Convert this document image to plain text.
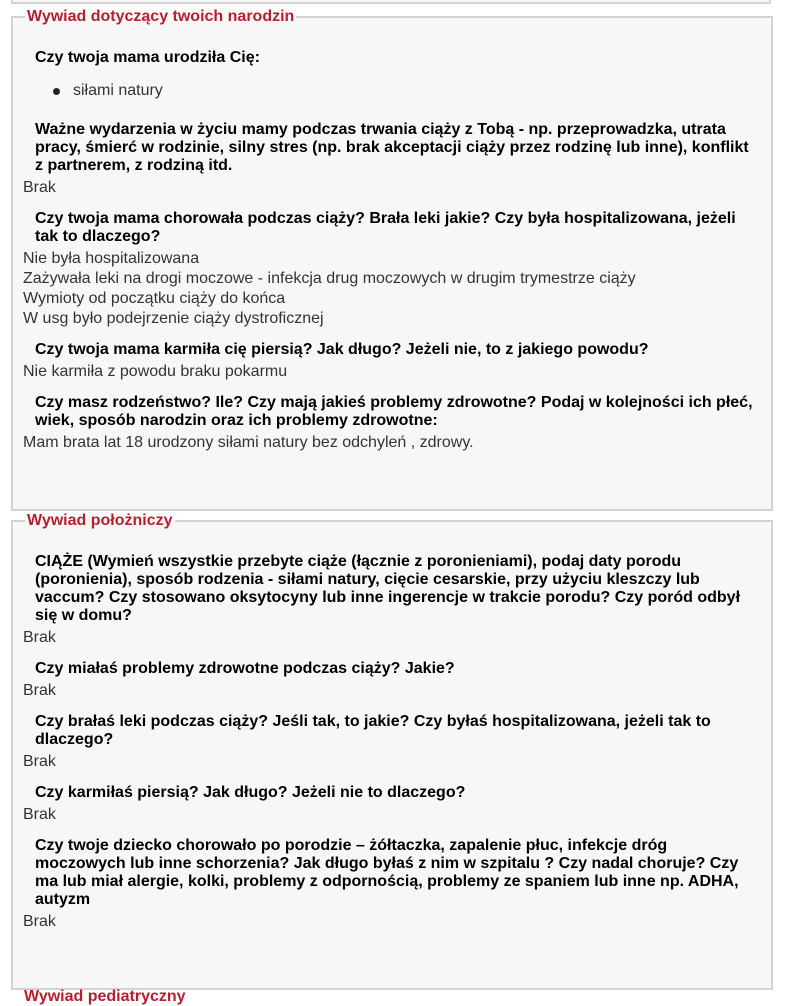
Wywiad dotyczący twoich narodzin

Czy twoja mama urodziła Cię:

siłami natury

Ważne wydarzenia w życiu mamy podczas trwania ciąży z Tobą - np. przeprowadzka, utrata pracy, śmierć w rodzinie, silny stres (np. brak akceptacji ciąży przez rodzinę lub inne), konflikt z partnerem, z rodziną itd.

Brak

Czy twoja mama chorowała podczas ciąży? Brała leki jakie? Czy była hospitalizowana, jeżeli tak to dlaczego?

Nie była hospitalizowana

Zażywała leki na drogi moczowe - infekcja drug moczowych w drugim trymestrze ciąży

Wymioty od początku ciąży do końca

W usg było podejrzenie ciąży dystroficznej

Czy twoja mama karmiła cię piersią? Jak długo? Jeżeli nie, to z jakiego powodu?

Nie karmiła z powodu braku pokarmu

Czy masz rodzeństwo? Ile? Czy mają jakieś problemy zdrowotne? Podaj w kolejności ich płeć, wiek, sposób narodzin oraz ich problemy zdrowotne:

Mam brata lat 18 urodzony siłami natury bez odchyleń , zdrowy.

Wywiad położniczy

CIĄŻE (Wymień wszystkie przebyte ciąże (łącznie z poronieniami), podaj daty porodu (poronienia), sposób rodzenia - siłami natury, cięcie cesarskie, przy użyciu kleszczy lub vaccum? Czy stosowano oksytocyny lub inne ingerencje w trakcie porodu? Czy poród odbył się w domu?

Brak

Czy miałaś problemy zdrowotne podczas ciąży? Jakie?

Brak

Czy brałaś leki podczas ciąży? Jeśli tak, to jakie? Czy byłaś hospitalizowana, jeżeli tak to dlaczego?

Brak

Czy karmiłaś piersią? Jak długo? Jeżeli nie to dlaczego?

Brak

Czy twoje dziecko chorowało po porodzie – żółtaczka, zapalenie płuc, infekcje dróg moczowych lub inne schorzenia? Jak długo byłaś z nim w szpitalu ? Czy nadal choruje? Czy ma lub miał alergie, kolki, problemy z odpornością, problemy ze spaniem lub inne np. ADHA, autyzm

Brak

Wywiad pediatryczny
